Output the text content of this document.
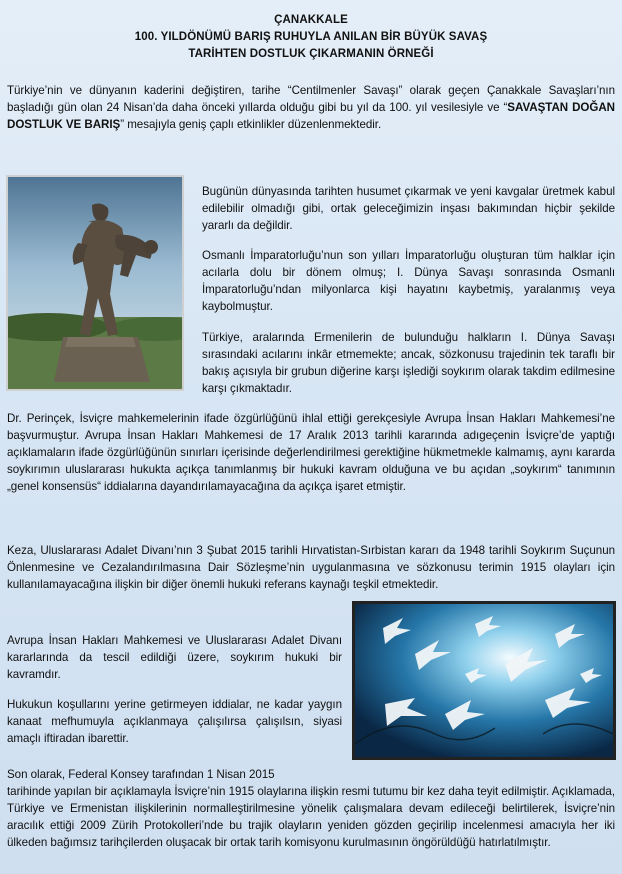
ÇANAKKALE
100. YILDÖNÜMÜ BARIŞ RUHUYLA ANILAN BİR BÜYÜK SAVAŞ
TARİHTEN DOSTLUK ÇIKARMANIN ÖRNEĞİ
Türkiye’nin ve dünyanın kaderini değiştiren, tarihe “Centilmenler Savaşı” olarak geçen Çanakkale Savaşları’nın başladığı gün olan 24 Nisan’da daha önceki yıllarda olduğu gibi bu yıl da 100. yıl vesilesiyle ve “SAVAŞTAN DOĞAN DOSTLUK VE BARIŞ” mesajıyla geniş çaplı etkinlikler düzenlenmektedir.
Bugünün dünyasında tarihten husumet çıkarmak ve yeni kavgalar üretmek kabul edilebilir olmadığı gibi, ortak geleceğimizin inşası bakımından hiçbir şekilde yararlı da değildir.
Osmanlı İmparatorluğu’nun son yılları İmparatorluğu oluşturan tüm halklar için acılarla dolu bir dönem olmuş; I. Dünya Savaşı sonrasında Osmanlı İmparatorluğu’ndan milyonlarca kişi hayatını kaybetmiş, yaralanmış veya kaybolmuştur.
Türkiye, aralarında Ermenilerin de bulunduğu halkların I. Dünya Savaşı sırasındaki acılarını inkâr etmemekte; ancak, sözkonusu trajedinin tek taraflı bir bakış açısıyla bir grubun diğerine karşı işlediği soykırım olarak takdim edilmesine karşı çıkmaktadır.
Dr. Perinçek, İsviçre mahkemelerinin ifade özgürlüğünü ihlal ettiği gerekçesiyle Avrupa İnsan Hakları Mahkemesi’ne başvurmuştur. Avrupa İnsan Hakları Mahkemesi de 17 Aralık 2013 tarihli kararında adıgeçenin İsviçre’de yaptığı açıklamaların ifade özgürlüğünün sınırları içerisinde değerlendirilmesi gerektiğine hükmetmekle kalmamış, aynı kararda soykırımın uluslararası hukukta açıkça tanımlanmış bir hukuki kavram olduğuna ve bu açıdan „soykırım“ tanımının „genel konsensüs“ iddialarına dayandırılamayacağına da açıkça işaret etmiştir.
Keza, Uluslararası Adalet Divanı’nın 3 Şubat 2015 tarihli Hırvatistan-Sırbistan kararı da 1948 tarihli Soykırım Suçunun Önlenmesine ve Cezalandırılmasına Dair Sözleşme’nin uygulanmasına ve sözkonusu terimin 1915 olayları için kullanılamayacağına ilişkin bir diğer önemli hukuki referans kaynağı teşkil etmektedir.
Avrupa İnsan Hakları Mahkemesi ve Uluslararası Adalet Divanı kararlarında da tescil edildiği üzere, soykırım hukuki bir kavramdır.
Hukukun koşullarını yerine getirmeyen iddialar, ne kadar yaygın kanaat mefhumuyla açıklanmaya çalışılırsa çalışılsın, siyasi amaçlı iftiradan ibarettir.
Son olarak, Federal Konsey tarafından 1 Nisan 2015
tarihinde yapılan bir açıklamayla İsviçre’nin 1915 olaylarına ilişkin resmi tutumu bir kez daha teyit edilmiştir. Açıklamada, Türkiye ve Ermenistan ilişkilerinin normalleştirilmesine yönelik çalışmalara devam edileceği belirtilerek, İsviçre’nin aracılık ettiği 2009 Zürih Protokolleri’nde bu trajik olayların yeniden gözden geçirilip incelenmesi amacıyla her iki ülkeden bağımsız tarihçilerden oluşacak bir ortak tarih komisyonu kurulmasının öngörüldüğü hatırlatılmıştır.
